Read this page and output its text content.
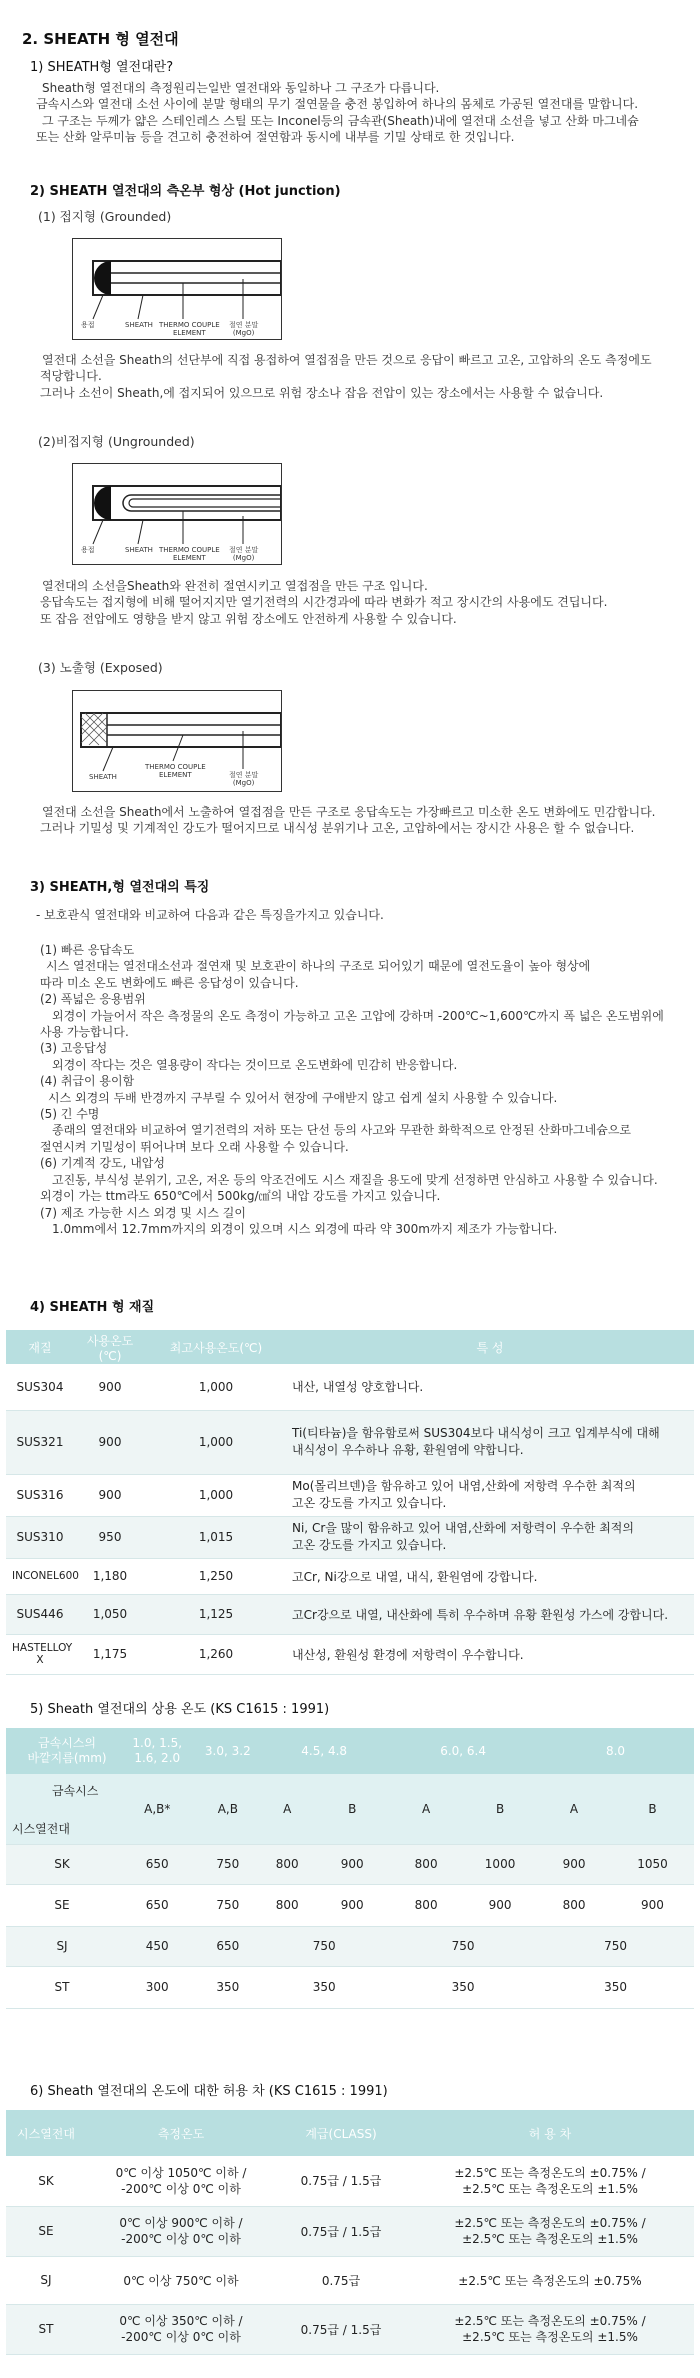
2. SHEATH 형 열전대
1) SHEATH형 열전대란?
Sheath형 열전대의 측정원리는일반 열전대와 동일하나 그 구조가 다릅니다.
금속시스와 열전대 소선 사이에 분말 형태의 무기 절연물을 충전 봉입하여 하나의 몸체로 가공된 열전대를 말합니다.
그 구조는 두께가 얇은 스테인레스 스틸 또는 Inconel등의 금속관(Sheath)내에 열전대 소선을 넣고 산화 마그네슘
또는 산화 알루미늄 등을 견고히 충전하여 절연함과 동시에 내부를 기밀 상태로 한 것입니다.
2) SHEATH 열전대의 측온부 형상 (Hot junction)
(1) 접지형 (Grounded)
용접	SHEATH THERMO COUPLE
ELEMENT
절연 분말
(MgO)
열전대 소선을 Sheath의 선단부에 직접 용접하여 열접점을 만든 것으로 응답이 빠르고 고온, 고압하의 온도 측정에도
적당합니다.
그러나 소선이 Sheath,에 접지되어 있으므로 위험 장소나 잡음 전압이 있는 장소에서는 사용할 수 없습니다.
(2)비접지형 (Ungrounded)
용접	SHEATH THERMO COUPLE
ELEMENT
절연 분말
(MgO)
열전대의 소선을Sheath와 완전히 절연시키고 열접점을 만든 구조 입니다.
응답속도는 접지형에 비해 떨어지지만 열기전력의 시간경과에 따라 변화가 적고 장시간의 사용에도 견딥니다.
또 잡음 전압에도 영향을 받지 않고 위험 장소에도 안전하게 사용할 수 있습니다.
(3) 노출형 (Exposed)
SHEATH
THERMO COUPLE
ELEMENT	절연 분말
(MgO)
열전대 소선을 Sheath에서 노출하여 열접점을 만든 구조로 응답속도는 가장빠르고 미소한 온도 변화에도 민감합니다.
그러나 기밀성 및 기계적인 강도가 떨어지므로 내식성 분위기나 고온, 고압하에서는 장시간 사용은 할 수 없습니다.
3) SHEATH,형 열전대의 특징
- 보호관식 열전대와 비교하여 다음과 같은 특징을가지고 있습니다.
(1) 빠른 응답속도
시스 열전대는 열전대소선과 절연재 및 보호관이 하나의 구조로 되어있기 때문에 열전도율이 높아 형상에
따라 미소 온도 변화에도 빠른 응답성이 있습니다.
(2) 폭넓은 응용범위
외경이 가늘어서 작은 측정물의 온도 측정이 가능하고 고온 고압에 강하며 -200℃~1,600℃까지 폭 넓은 온도범위에
사용 가능합니다.
(3) 고응답성
외경이 작다는 것은 열용량이 작다는 것이므로 온도변화에 민감히 반응합니다.
(4) 취급이 용이함
시스 외경의 두배 반경까지 구부릴 수 있어서 현장에 구애받지 않고 쉽게 설치 사용할 수 있습니다.
(5) 긴 수명
종래의 열전대와 비교하여 열기전력의 저하 또는 단선 등의 사고와 무관한 화학적으로 안정된 산화마그네슘으로
절연시켜 기밀성이 뛰어나며 보다 오래 사용할 수 있습니다.
(6) 기계적 강도, 내압성
고진동, 부식성 분위기, 고온, 저온 등의 악조건에도 시스 재질을 용도에 맞게 선정하면 안심하고 사용할 수 있습니다.
외경이 가는 ttm라도 650℃에서 500kg/㎠의 내압 강도를 가지고 있습니다.
(7) 제조 가능한 시스 외경 및 시스 길이
1.0mm에서 12.7mm까지의 외경이 있으며 시스 외경에 따라 약 300m까지 제조가 가능합니다.
4) SHEATH 형 재질
재질	사용온도 (℃)	최고사용온도(℃)	특 성
SUS304	900	1,000	내산, 내열성 양호합니다.
SUS321	900	1,000	Ti(티타늄)을 함유함로써 SUS304보다 내식성이 크고 입계부식에 대해
내식성이 우수하나 유황, 환원염에 약합니다.
SUS316	900	1,000	Mo(몰리브덴)을 함유하고 있어 내염,산화에 저항력 우수한 최적의
고온 강도를 가지고 있습니다.
SUS310	950	1,015	Ni, Cr을 많이 함유하고 있어 내염,산화에 저항력이 우수한 최적의
고온 강도를 가지고 있습니다.
INCONEL600	1,180	1,250	고Cr, Ni강으로 내열, 내식, 환원염에 강합니다.
SUS446	1,050	1,125	고Cr강으로 내열, 내산화에 특히 우수하며 유황 환원성 가스에 강합니다.
HASTELLOY X	1,175	1,260	내산성, 환원성 환경에 저항력이 우수합니다.
5) Sheath 열전대의 상용 온도 (KS C1615 : 1991)
금속시스의
바깥지름(mm)	1.0, 1.5,
1.6, 2.0	3.0, 3.2	4.5, 4.8		6.0, 6.4		8.0	

금속시스
시스열전대	A,B*	A,B	A	B	A	B	A	B
SK	650	750	800	900	800	1000	900	1050
SE	650	750	800	900	800	900	800	900
SJ	450	650	750		750		750	
ST	300	350	350		350		350	
6) Sheath 열전대의 온도에 대한 허용 차 (KS C1615 : 1991)
시스열전대	측정온도	계급(CLASS)	허 용 차
SK	0℃ 이상 1050℃ 이하 /
-200℃ 이상 0℃ 이하	0.75급 / 1.5급	±2.5℃ 또는 측정온도의 ±0.75% /
±2.5℃ 또는 측정온도의 ±1.5%
SE	0℃ 이상 900℃ 이하 /
-200℃ 이상 0℃ 이하	0.75급 / 1.5급	±2.5℃ 또는 측정온도의 ±0.75% /
±2.5℃ 또는 측정온도의 ±1.5%
SJ	0℃ 이상 750℃ 이하	0.75급	±2.5℃ 또는 측정온도의 ±0.75%
ST	0℃ 이상 350℃ 이하 /
-200℃ 이상 0℃ 이하	0.75급 / 1.5급	±2.5℃ 또는 측정온도의 ±0.75% /
±2.5℃ 또는 측정온도의 ±1.5%
